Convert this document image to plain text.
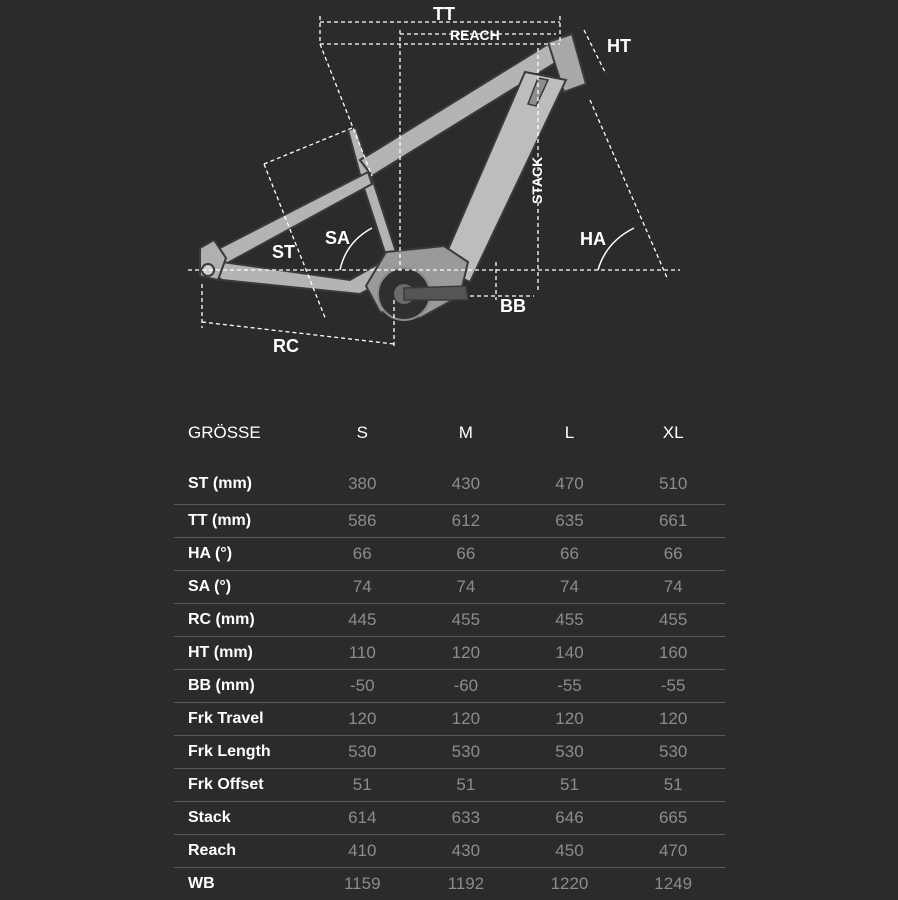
TT
REACH
HT
STACK
ST
SA	HA
BB
RC
GRÖSSE	S	M	L	XL
ST (mm)	380	430	470	510
TT (mm)	586	612	635	661
HA (°)	66	66	66	66
SA (°)	74	74	74	74
RC (mm)	445	455	455	455
HT (mm)	110	120	140	160
BB (mm)	-50	-60	-55	-55
Frk Travel	120	120	120	120
Frk Length	530	530	530	530
Frk Offset	51	51	51	51
Stack	614	633	646	665
Reach	410	430	450	470
WB	1159	1192	1220	1249
